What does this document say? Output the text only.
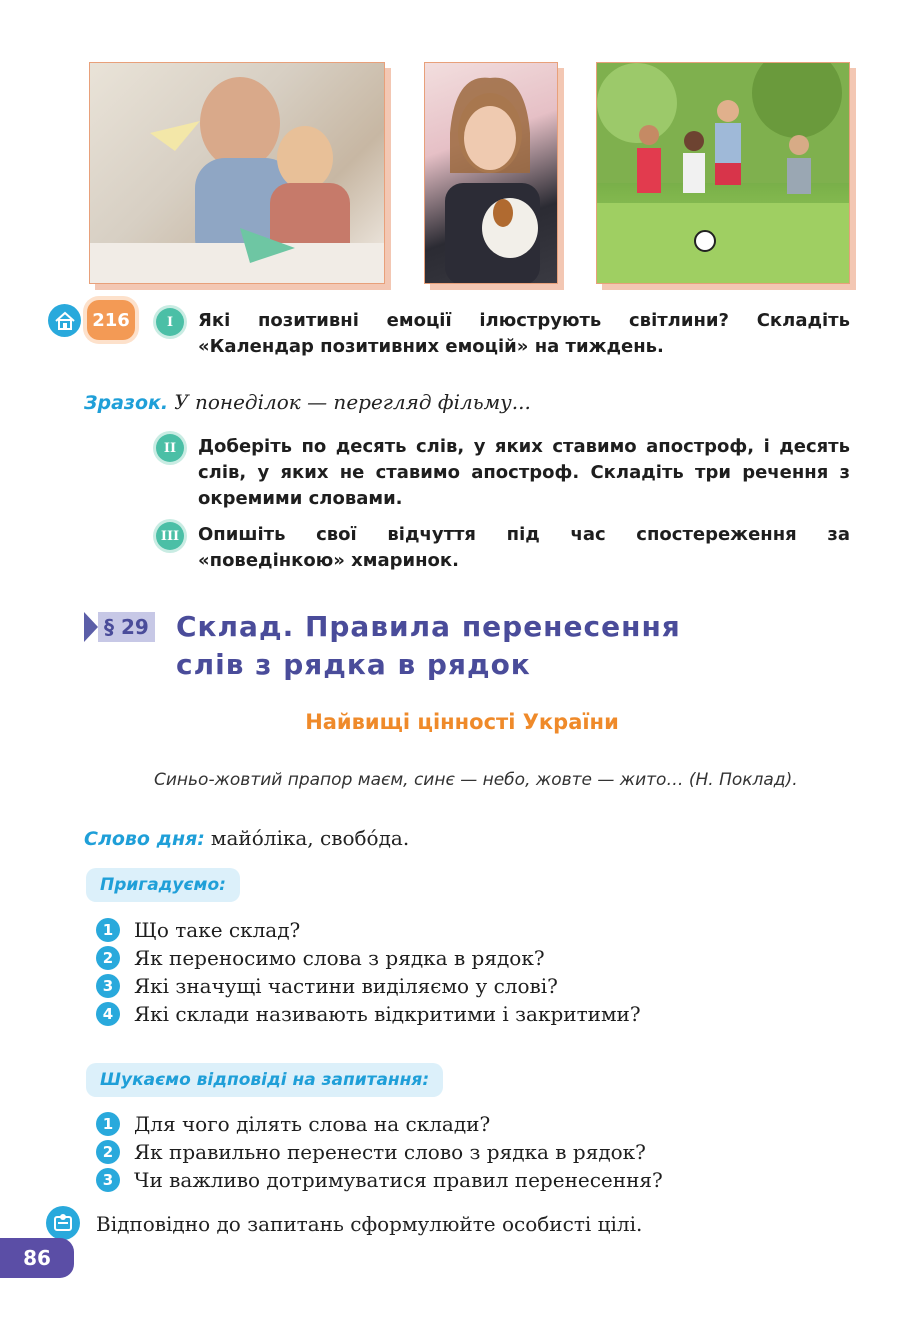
216	I	Які позитивні емоції ілюструють світлини? Складіть «Календар позитивних емоцій» на тиждень.
Зразок. У понеділок — перегляд фільму...
II	Доберіть по десять слів, у яких ставимо апостроф, і десять слів, у яких не ставимо апостроф. Складіть три речення з окремими словами.
III Опишіть свої відчуття під час спостереження за «поведінкою» хмаринок.
§ 29 Склад. Правила перенесення
слів з рядка в рядок
Найвищі цінності України
Синьо-жовтий прапор маєм, синє — небо, жовте — жито… (Н. Поклад).
Слово дня: майóліка, свобóда.
Пригадуємо:
1	Що таке склад?
2	Як переносимо слова з рядка в рядок?
3	Які значущі частини виділяємо у слові?
4	Які склади називають відкритими і закритими?
Шукаємо відповіді на запитання:
1	Для чого ділять слова на склади?
2	Як правильно перенести слово з рядка в рядок?
3	Чи важливо дотримуватися правил перенесення?
Відповідно до запитань сформулюйте особисті цілі.
86
